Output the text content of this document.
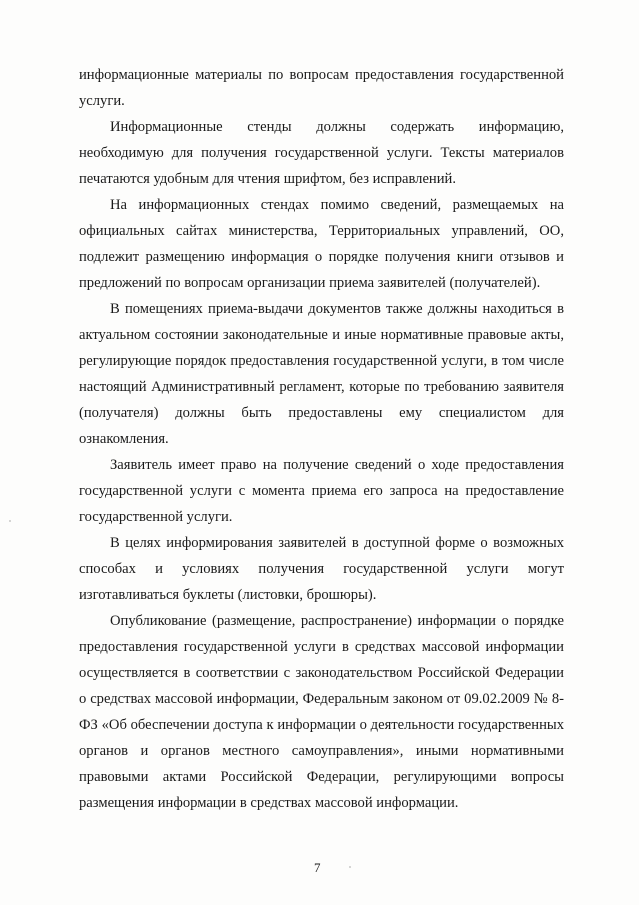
информационные материалы по вопросам предоставления государственной услуги.

Информационные стенды должны содержать информацию, необходимую для получения государственной услуги. Тексты материалов печатаются удобным для чтения шрифтом, без исправлений.

На информационных стендах помимо сведений, размещаемых на официальных сайтах министерства, Территориальных управлений, ОО, подлежит размещению информация о порядке получения книги отзывов и предложений по вопросам организации приема заявителей (получателей).

В помещениях приема-выдачи документов также должны находиться в актуальном состоянии законодательные и иные нормативные правовые акты, регулирующие порядок предоставления государственной услуги, в том числе настоящий Административный регламент, которые по требованию заявителя (получателя) должны быть предоставлены ему специалистом для ознакомления.

Заявитель имеет право на получение сведений о ходе предоставления государственной услуги с момента приема его запроса на предоставление государственной услуги.

В целях информирования заявителей в доступной форме о возможных способах и условиях получения государственной услуги могут изготавливаться буклеты (листовки, брошюры).

Опубликование (размещение, распространение) информации о порядке предоставления государственной услуги в средствах массовой информации осуществляется в соответствии с законодательством Российской Федерации о средствах массовой информации, Федеральным законом от 09.02.2009 № 8-ФЗ «Об обеспечении доступа к информации о деятельности государственных органов и органов местного самоуправления», иными нормативными правовыми актами Российской Федерации, регулирующими вопросы размещения информации в средствах массовой информации.

7
